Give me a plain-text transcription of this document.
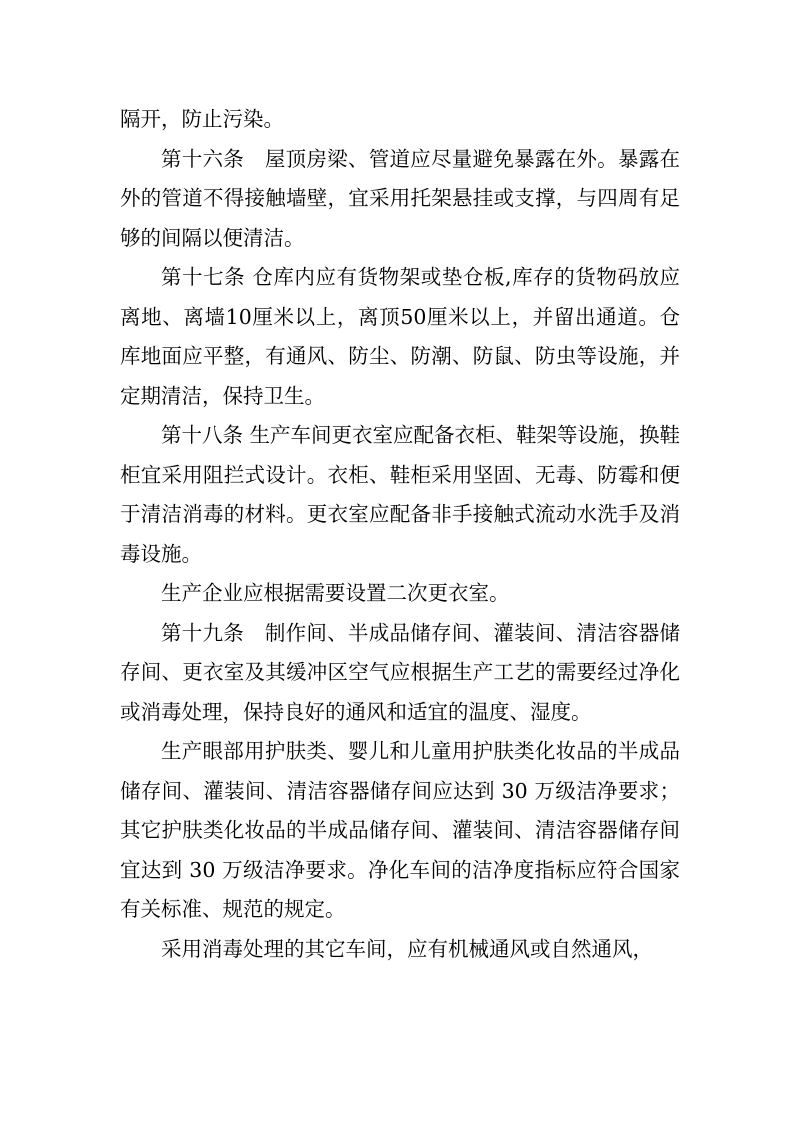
隔开，防止污染。

第十六条　屋顶房梁、管道应尽量避免暴露在外。暴露在外的管道不得接触墙壁，宜采用托架悬挂或支撑，与四周有足够的间隔以便清洁。

第十七条 仓库内应有货物架或垫仓板,库存的货物码放应离地、离墙10厘米以上，离顶50厘米以上，并留出通道。仓库地面应平整，有通风、防尘、防潮、防鼠、防虫等设施，并定期清洁，保持卫生。

第十八条 生产车间更衣室应配备衣柜、鞋架等设施，换鞋柜宜采用阻拦式设计。衣柜、鞋柜采用坚固、无毒、防霉和便于清洁消毒的材料。更衣室应配备非手接触式流动水洗手及消毒设施。

生产企业应根据需要设置二次更衣室。

第十九条　制作间、半成品储存间、灌装间、清洁容器储存间、更衣室及其缓冲区空气应根据生产工艺的需要经过净化或消毒处理，保持良好的通风和适宜的温度、湿度。

生产眼部用护肤类、婴儿和儿童用护肤类化妆品的半成品储存间、灌装间、清洁容器储存间应达到 30 万级洁净要求；其它护肤类化妆品的半成品储存间、灌装间、清洁容器储存间宜达到 30 万级洁净要求。净化车间的洁净度指标应符合国家有关标准、规范的规定。

采用消毒处理的其它车间，应有机械通风或自然通风，
